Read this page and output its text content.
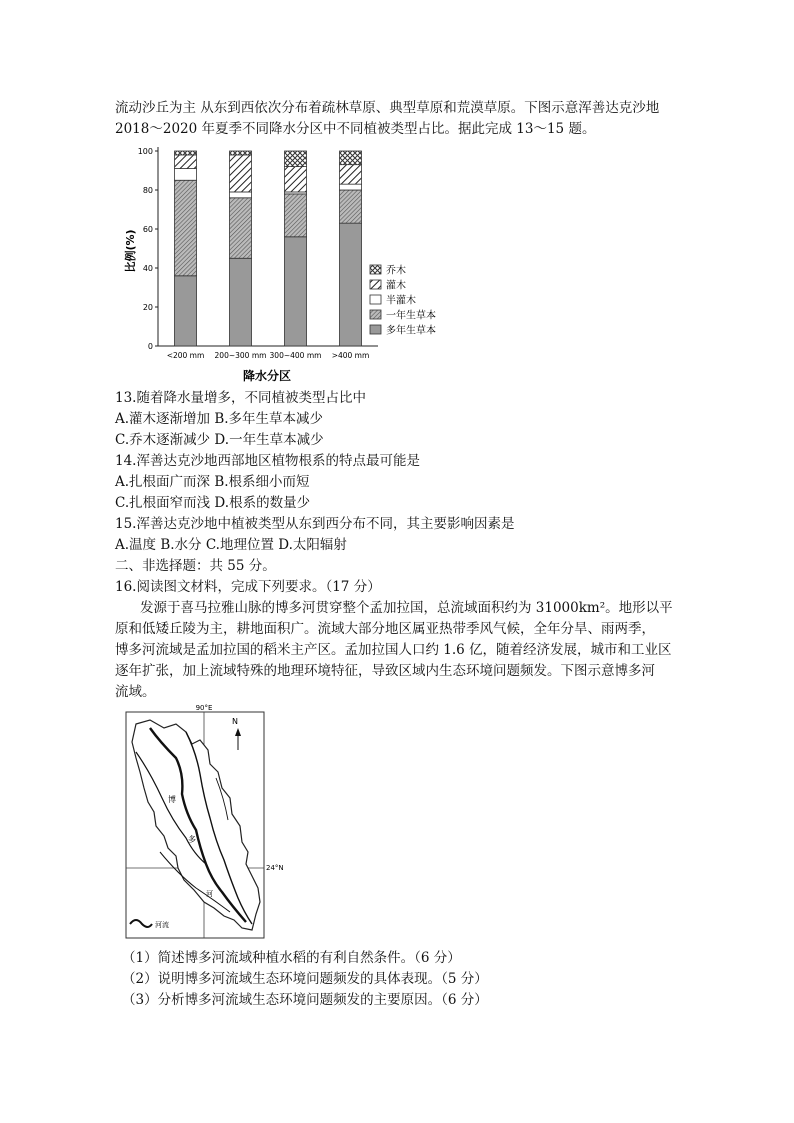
流动沙丘为主 从东到西依次分布着疏林草原、典型草原和荒漠草原。下图示意浑善达克沙地
2018～2020 年夏季不同降水分区中不同植被类型占比。据此完成 13～15 题。
0
20
40
60
80
100
<200 mm 200~300 mm 300~400 mm >400 mm
乔木
灌木
半灌木
一年生草本
多年生草本
比例(%)
降水分区
13.随着降水量增多，不同植被类型占比中
A.灌木逐渐增加 B.多年生草本减少
C.乔木逐渐减少 D.一年生草本减少
14.浑善达克沙地西部地区植物根系的特点最可能是
A.扎根面广而深 B.根系细小而短
C.扎根面窄而浅 D.根系的数量少
15.浑善达克沙地中植被类型从东到西分布不同，其主要影响因素是
A.温度 B.水分 C.地理位置 D.太阳辐射
二、非选择题：共 55 分。
16.阅读图文材料，完成下列要求。（17 分）
发源于喜马拉雅山脉的博多河贯穿整个孟加拉国，总流域面积约为 31000km²。地形以平
原和低矮丘陵为主，耕地面积广。流域大部分地区属亚热带季风气候，全年分旱、雨两季，
博多河流域是孟加拉国的稻米主产区。孟加拉国人口约 1.6 亿，随着经济发展，城市和工业区
逐年扩张，加上流域特殊的地理环境特征，导致区域内生态环境问题频发。下图示意博多河
流域。
90°E
24°N
博
多
河
N
河流
（1）简述博多河流域种植水稻的有利自然条件。（6 分）
（2）说明博多河流域生态环境问题频发的具体表现。（5 分）
（3）分析博多河流域生态环境问题频发的主要原因。（6 分）
